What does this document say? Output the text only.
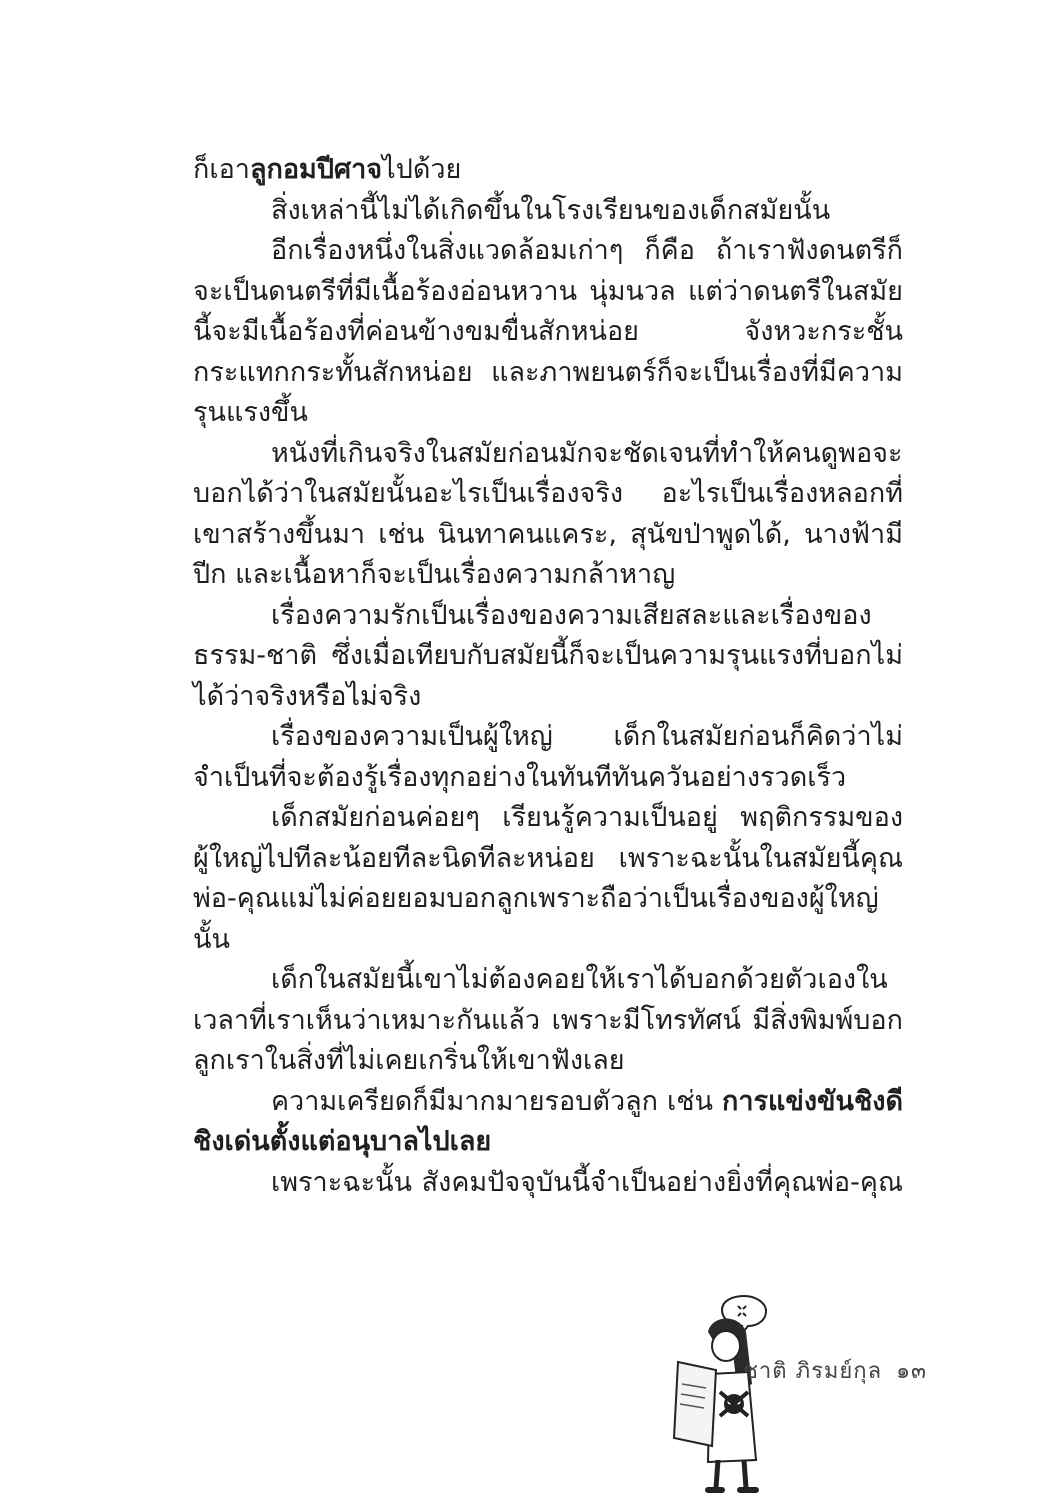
ก็เอาลูกอมปีศาจไปด้วย

สิ่งเหล่านี้ไม่ได้เกิดขึ้นในโรงเรียนของเด็กสมัยนั้น

อีกเรื่องหนึ่งในสิ่งแวดล้อมเก่าๆ ก็คือ ถ้าเราฟังดนตรีก็จะเป็นดนตรีที่มีเนื้อร้องอ่อนหวาน นุ่มนวล แต่ว่าดนตรีในสมัยนี้จะมีเนื้อร้องที่ค่อนข้างขมขื่นสักหน่อย จังหวะกระชั้นกระแทกกระทั้นสักหน่อย และภาพยนตร์ก็จะเป็นเรื่องที่มีความรุนแรงขึ้น

หนังที่เกินจริงในสมัยก่อนมักจะชัดเจนที่ทำให้คนดูพอจะบอกได้ว่าในสมัยนั้นอะไรเป็นเรื่องจริง อะไรเป็นเรื่องหลอกที่เขาสร้างขึ้นมา เช่น นินทาคนแคระ, สุนัขป่าพูดได้, นางฟ้ามีปีก และเนื้อหาก็จะเป็นเรื่องความกล้าหาญ

เรื่องความรักเป็นเรื่องของความเสียสละและเรื่องของธรรม-ชาติ ซึ่งเมื่อเทียบกับสมัยนี้ก็จะเป็นความรุนแรงที่บอกไม่ได้ว่าจริงหรือไม่จริง

เรื่องของความเป็นผู้ใหญ่ เด็กในสมัยก่อนก็คิดว่าไม่จำเป็นที่จะต้องรู้เรื่องทุกอย่างในทันทีทันควันอย่างรวดเร็ว

เด็กสมัยก่อนค่อยๆ เรียนรู้ความเป็นอยู่ พฤติกรรมของผู้ใหญ่ไปทีละน้อยทีละนิดทีละหน่อย เพราะฉะนั้นในสมัยนี้คุณพ่อ-คุณแม่ไม่ค่อยยอมบอกลูกเพราะถือว่าเป็นเรื่องของผู้ใหญ่นั้น

เด็กในสมัยนี้เขาไม่ต้องคอยให้เราได้บอกด้วยตัวเองในเวลาที่เราเห็นว่าเหมาะกันแล้ว เพราะมีโทรทัศน์ มีสิ่งพิมพ์บอกลูกเราในสิ่งที่ไม่เคยเกริ่นให้เขาฟังเลย

ความเครียดก็มีมากมายรอบตัวลูก เช่น การแข่งขันชิงดีชิงเด่นตั้งแต่อนุบาลไปเลย

เพราะฉะนั้น สังคมปัจจุบันนี้จำเป็นอย่างยิ่งที่คุณพ่อ-คุณ

ชาติ ภิรมย์กุล ๑๓
